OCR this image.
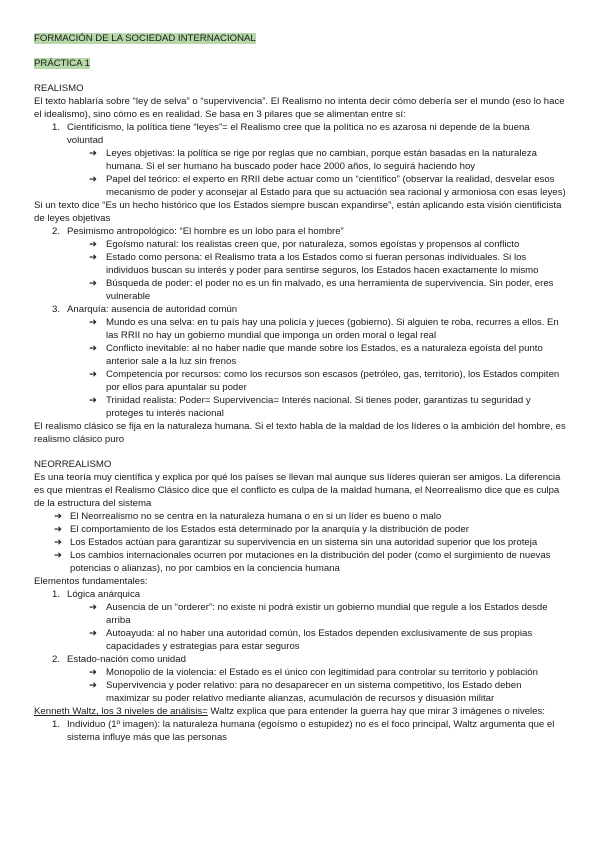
FORMACIÓN DE LA SOCIEDAD INTERNACIONAL
PRÁCTICA 1
REALISMO
El texto hablaría sobre “ley de selva” o “supervivencia”. El Realismo no intenta decir cómo debería ser el mundo (eso lo hace el idealismo), sino cómo es en realidad. Se basa en 3 pilares que se alimentan entre sí:
1. Cientificismo, la política tiene “leyes”= el Realismo cree que la política no es azarosa ni depende de la buena voluntad
➔ Leyes objetivas: la política se rige por reglas que no cambian, porque están basadas en la naturaleza humana. Si el ser humano ha buscado poder hace 2000 años, lo seguirá haciendo hoy
➔ Papel del teórico: el experto en RRII debe actuar como un “científico” (observar la realidad, desvelar esos mecanismo de poder y aconsejar al Estado para que su actuación sea racional y armoniosa con esas leyes)
Si un texto dice “Es un hecho histórico que los Estados siempre buscan expandirse”, están aplicando esta visión cientificista de leyes objetivas
2. Pesimismo antropológico: “El hombre es un lobo para el hombre”
➔ Egoísmo natural: los realistas creen que, por naturaleza, somos egoístas y propensos al conflicto
➔ Estado como persona: el Realismo trata a los Estados como si fueran personas individuales. Si los individuos buscan su interés y poder para sentirse seguros, los Estados hacen exactamente lo mismo
➔ Búsqueda de poder: el poder no es un fin malvado, es una herramienta de supervivencia. Sin poder, eres vulnerable
3. Anarquía: ausencia de autoridad común
➔ Mundo es una selva: en tu país hay una policía y jueces (gobierno). Si alguien te roba, recurres a ellos. En las RRII no hay un gobierno mundial que imponga un orden moral o legal real
➔ Conflicto inevitable: al no haber nadie que mande sobre los Estados, es a naturaleza egoísta del punto anterior sale a la luz sin frenos
➔ Competencia por recursos: como los recursos son escasos (petróleo, gas, territorio), los Estados compiten por ellos para apuntalar su poder
➔ Trinidad realista: Poder= Supervivencia= Interés nacional. Si tienes poder, garantizas tu seguridad y proteges tu interés nacional
El realismo clásico se fija en la naturaleza humana. Si el texto habla de la maldad de los líderes o la ambición del hombre, es realismo clásico puro
NEORREALISMO
Es una teoría muy científica y explica por qué los países se llevan mal aunque sus líderes quieran ser amigos. La diferencia es que mientras el Realismo Clásico dice que el conflicto es culpa de la maldad humana, el Neorrealismo dice que es culpa de la estructura del sistema
➔ El Neorrealismo no se centra en la naturaleza humana o en si un líder es bueno o malo
➔ El comportamiento de los Estados está determinado por la anarquía y la distribución de poder
➔ Los Estados actúan para garantizar su supervivencia en un sistema sin una autoridad superior que los proteja
➔ Los cambios internacionales ocurren por mutaciones en la distribución del poder (como el surgimiento de nuevas potencias o alianzas), no por cambios en la conciencia humana
Elementos fundamentales:
1. Lógica anárquica
➔ Ausencia de un “orderer”: no existe ni podrá existir un gobierno mundial que regule a los Estados desde arriba
➔ Autoayuda: al no haber una autoridad común, los Estados dependen exclusivamente de sus propias capacidades y estrategias para estar seguros
2. Estado-nación como unidad
➔ Monopolio de la violencia: el Estado es el único con legitimidad para controlar su territorio y población
➔ Supervivencia y poder relativo: para no desaparecer en un sistema competitivo, los Estado deben maximizar su poder relativo mediante alianzas, acumulación de recursos y disuasión militar
Kenneth Waltz, los 3 niveles de análisis= Waltz explica que para entender la guerra hay que mirar 3 imágenes o niveles:
1. Individuo (1º imagen): la naturaleza humana (egoísmo o estupidez) no es el foco principal, Waltz argumenta que el sistema influye más que las personas
